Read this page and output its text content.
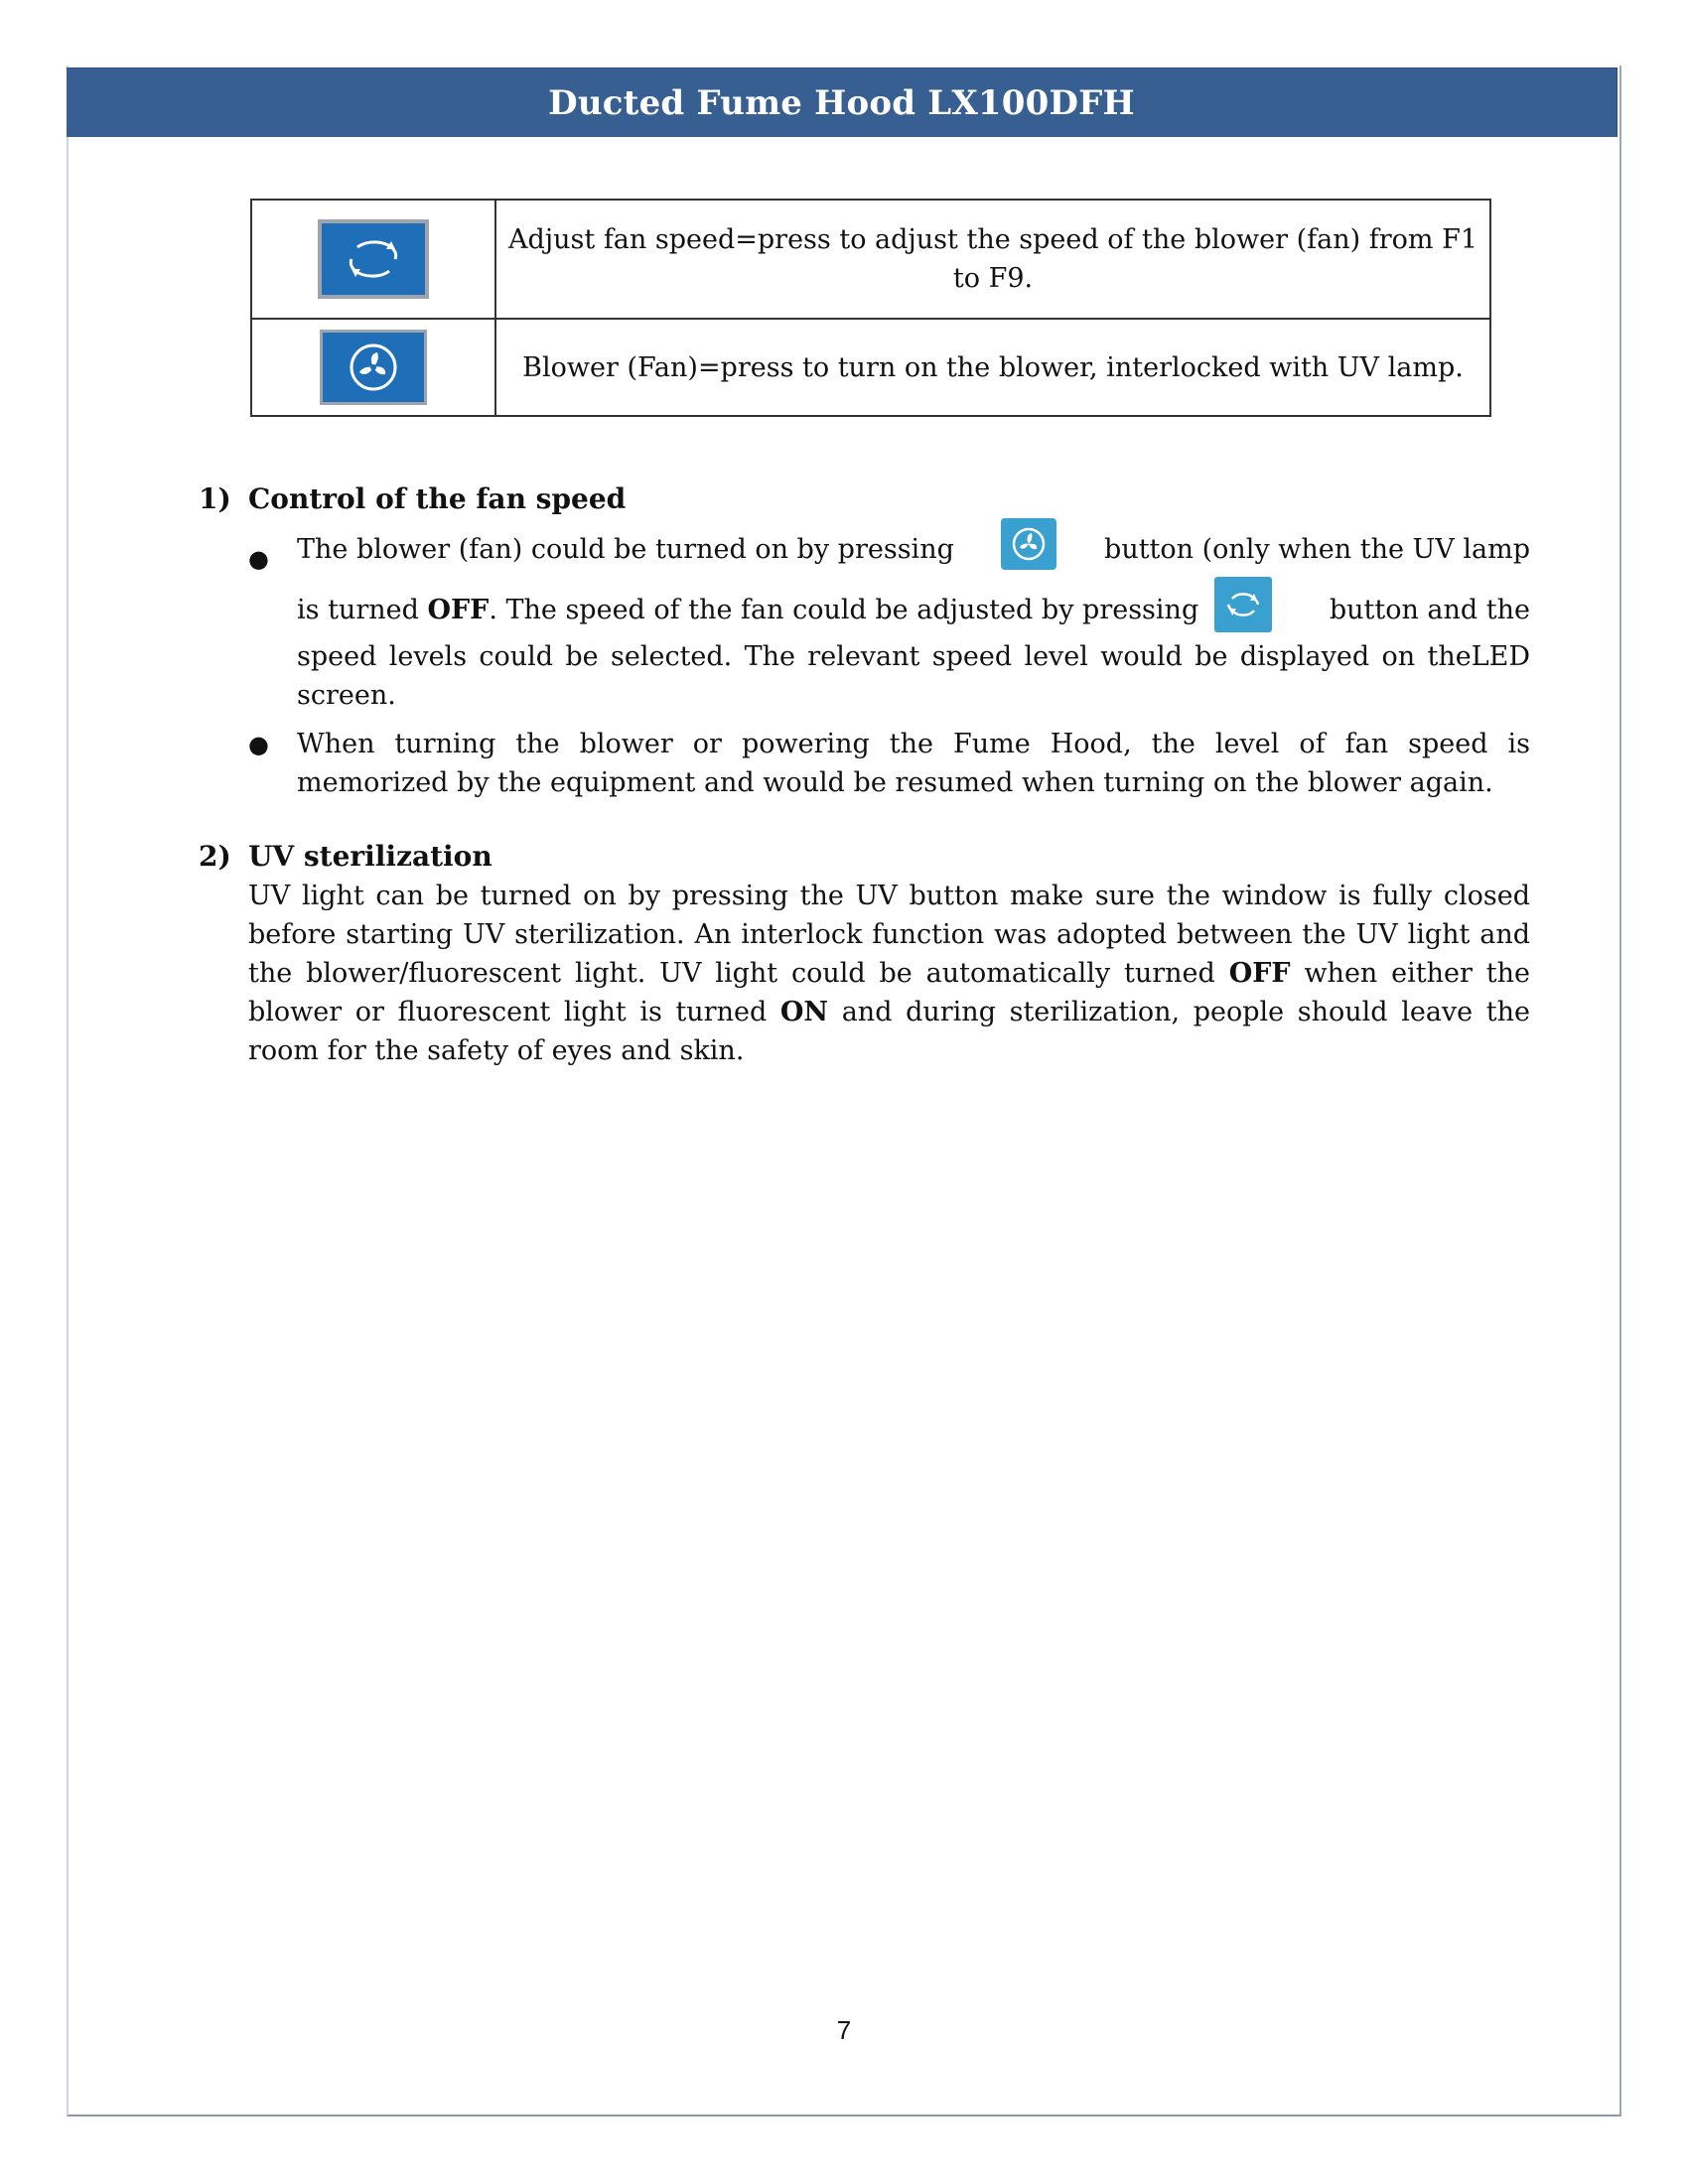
Ducted Fume Hood LX100DFH
	Adjust fan speed=press to adjust the speed of the blower (fan) from F1 to F9.

	Blower (Fan)=press to turn on the blower, interlocked with UV lamp.
1) Control of the fan speed
● The blower (fan) could be turned on by pressing	button (only when the UV lamp
is turned
OFF . The speed of the fan could be adjusted by pressing	button and the
speed levels could be selected. The relevant speed level would be displayed on theLED screen.
● When turning the blower or powering the Fume Hood, the level of fan speed is memorized by the equipment and would be resumed when turning on the blower again.
2) UV sterilization
UV light can be turned on by pressing the UV button make sure the window is fully closed before starting UV sterilization. An interlock function was adopted between the UV light and the blower/fluorescent light. UV light could be automatically turned OFF when either the blower or fluorescent light is turned ON and during sterilization, people should leave the room for the safety of eyes and skin.
7
